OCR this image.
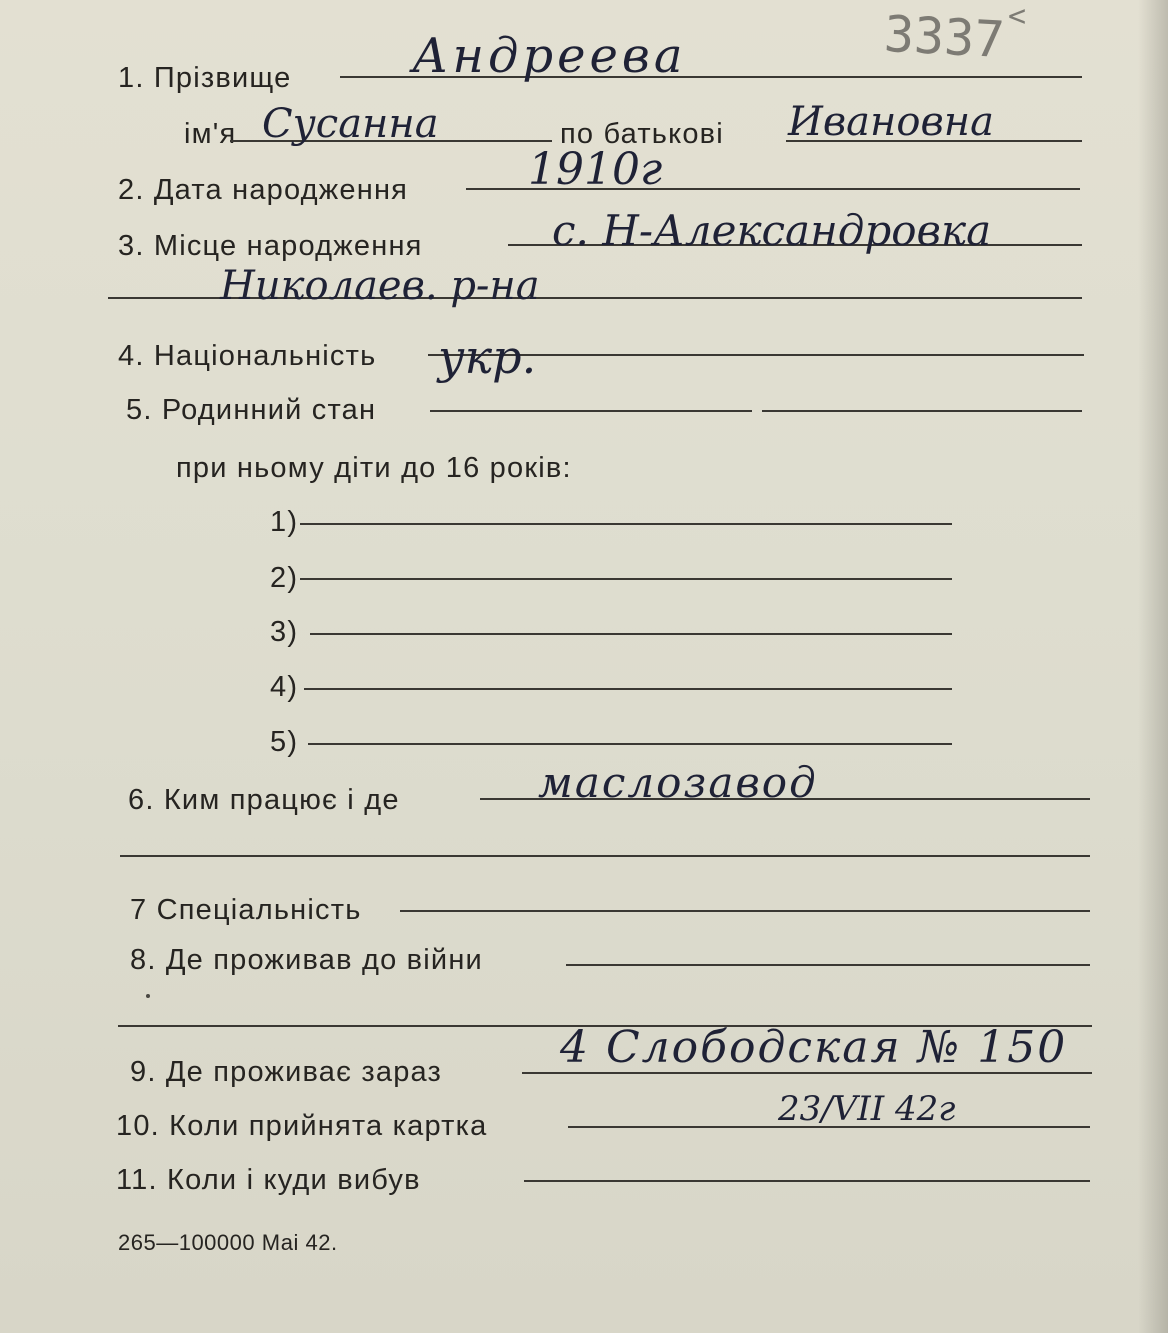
3337 <
1. Прізвище	Андреева
ім'я Сусанна	по батькові Ивановна
2. Дата народження	1910г
3. Місце народження	с. Н-Александровка
Николаев. р-на
4. Національність укр.
5. Родинний стан
при ньому діти до 16 років:
1)
2)
3)
4)
5)
6. Ким працює і де	маслозавод
7 Спеціальність
8. Де проживав до війни
9. Де проживає зараз	4 Слободская № 150
10. Коли прийнята картка	23/VII 42г
11. Коли і куди вибув
265—100000 Маі 42.
